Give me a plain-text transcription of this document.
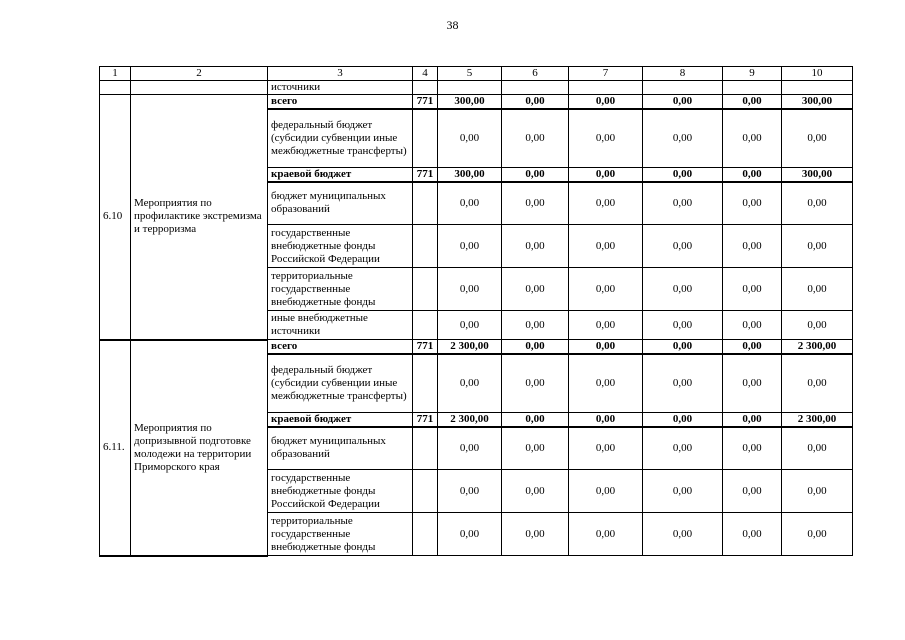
38
1	2	3	4	5	6	7	8	9	10
		источники							
6.10	Мероприятия по профилактике экстремизма и терроризма	всего	771	300,00	0,00	0,00	0,00	0,00	300,00
		федеральный бюджет (субсидии субвенции иные межбюджетные трансферты)		0,00	0,00	0,00	0,00	0,00	0,00
		краевой бюджет	771	300,00	0,00	0,00	0,00	0,00	300,00
		бюджет муниципальных образований		0,00	0,00	0,00	0,00	0,00	0,00
		государственные внебюджетные фонды Российской Федерации		0,00	0,00	0,00	0,00	0,00	0,00
		территориальные государственные внебюджетные фонды		0,00	0,00	0,00	0,00	0,00	0,00
		иные внебюджетные источники		0,00	0,00	0,00	0,00	0,00	0,00
6.11.	Мероприятия по допризывной подготовке молодежи на территории Приморского края	всего	771	2 300,00	0,00	0,00	0,00	0,00	2 300,00
		федеральный бюджет (субсидии субвенции иные межбюджетные трансферты)		0,00	0,00	0,00	0,00	0,00	0,00
		краевой бюджет	771	2 300,00	0,00	0,00	0,00	0,00	2 300,00
		бюджет муниципальных образований		0,00	0,00	0,00	0,00	0,00	0,00
		государственные внебюджетные фонды Российской Федерации		0,00	0,00	0,00	0,00	0,00	0,00
		территориальные государственные внебюджетные фонды		0,00	0,00	0,00	0,00	0,00	0,00
